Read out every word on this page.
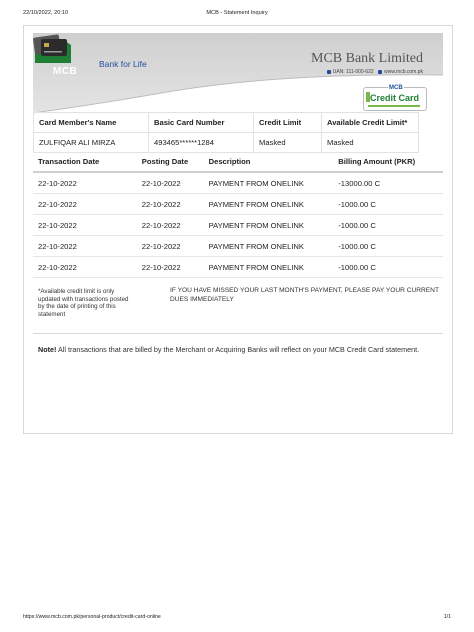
22/10/2022, 20:10	MCB - Statement Inquiry
MCB
Bank for Life	MCB Bank Limited
UAN: 111-000-622 www.mcb.com.pk
MCB
Credit Card
Card Member's Name	Basic Card Number	Credit Limit	Available Credit Limit*
ZULFIQAR ALI MIRZA	493465******1284	Masked	Masked
Transaction Date	Posting Date	Description	Billing Amount (PKR)
22-10-2022	22-10-2022	PAYMENT FROM ONELINK	-13000.00 C
22-10-2022	22-10-2022	PAYMENT FROM ONELINK	-1000.00 C
22-10-2022	22-10-2022	PAYMENT FROM ONELINK	-1000.00 C
22-10-2022	22-10-2022	PAYMENT FROM ONELINK	-1000.00 C
22-10-2022	22-10-2022	PAYMENT FROM ONELINK	-1000.00 C
*Available credit limit is only updated with transactions posted by the date of printing of this statement
IF YOU HAVE MISSED YOUR LAST MONTH'S PAYMENT, PLEASE PAY YOUR CURRENT DUES IMMEDIATELY
Note! All transactions that are billed by the Merchant or Acquiring Banks will reflect on your MCB Credit Card statement.
https://www.mcb.com.pk/personal-product/credit-card-online	1/1
